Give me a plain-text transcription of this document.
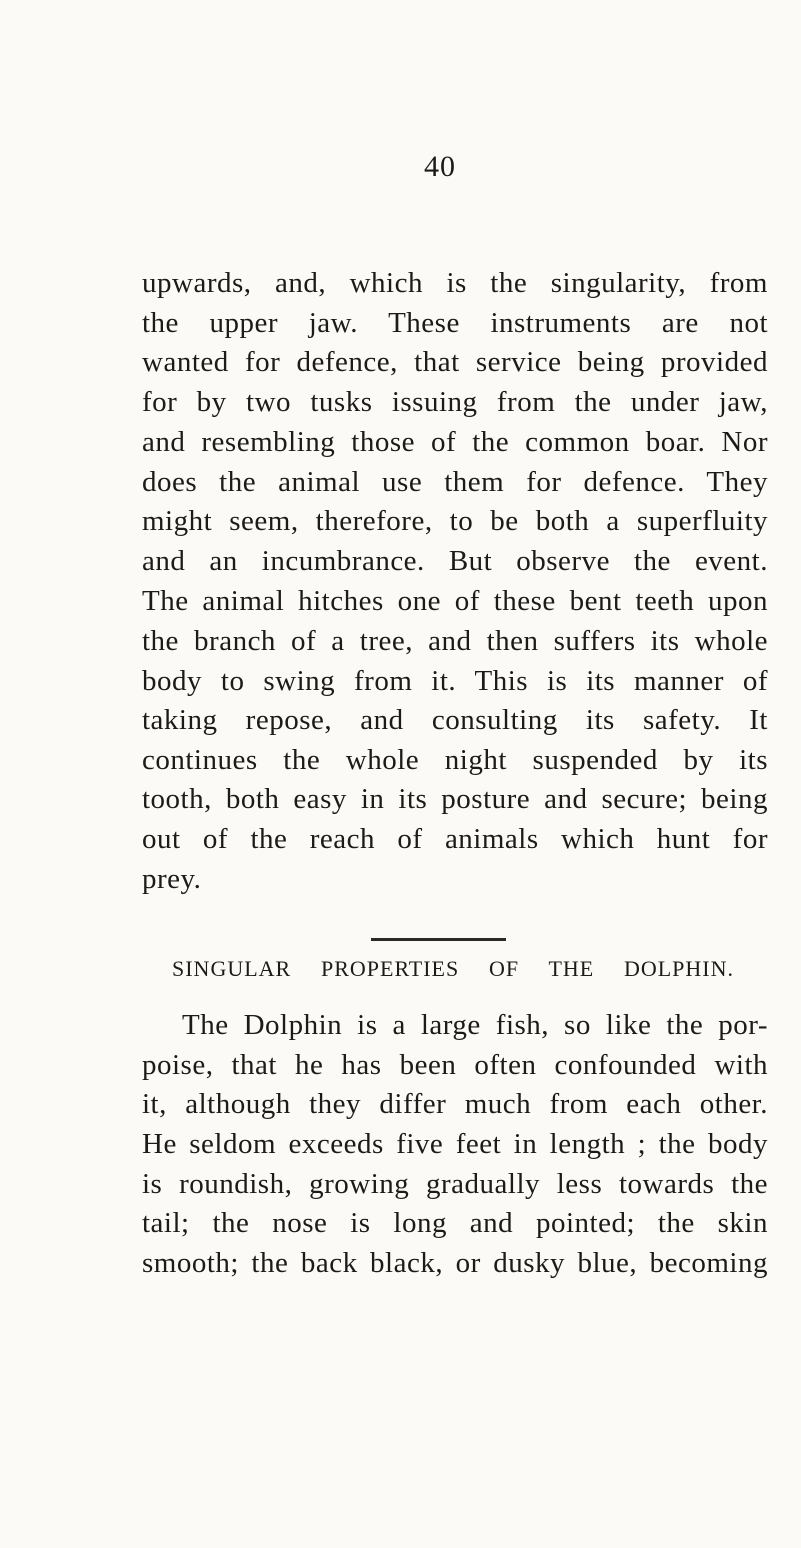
40
upwards, and, which is the singularity, from
the upper jaw. These instruments are not
wanted for defence, that service being provided
for by two tusks issuing from the under jaw,
and resembling those of the common boar. Nor
does the animal use them for defence. They
might seem, therefore, to be both a superfluity
and an incumbrance. But observe the event.
The animal hitches one of these bent teeth upon
the branch of a tree, and then suffers its whole
body to swing from it. This is its manner of
taking repose, and consulting its safety. It
continues the whole night suspended by its
tooth, both easy in its posture and secure; being
out of the reach of animals which hunt for
prey.
SINGULAR PROPERTIES OF THE DOLPHIN.
The Dolphin is a large fish, so like the por-
poise, that he has been often confounded with
it, although they differ much from each other.
He seldom exceeds five feet in length ; the body
is roundish, growing gradually less towards the
tail; the nose is long and pointed; the skin
smooth; the back black, or dusky blue, becoming
